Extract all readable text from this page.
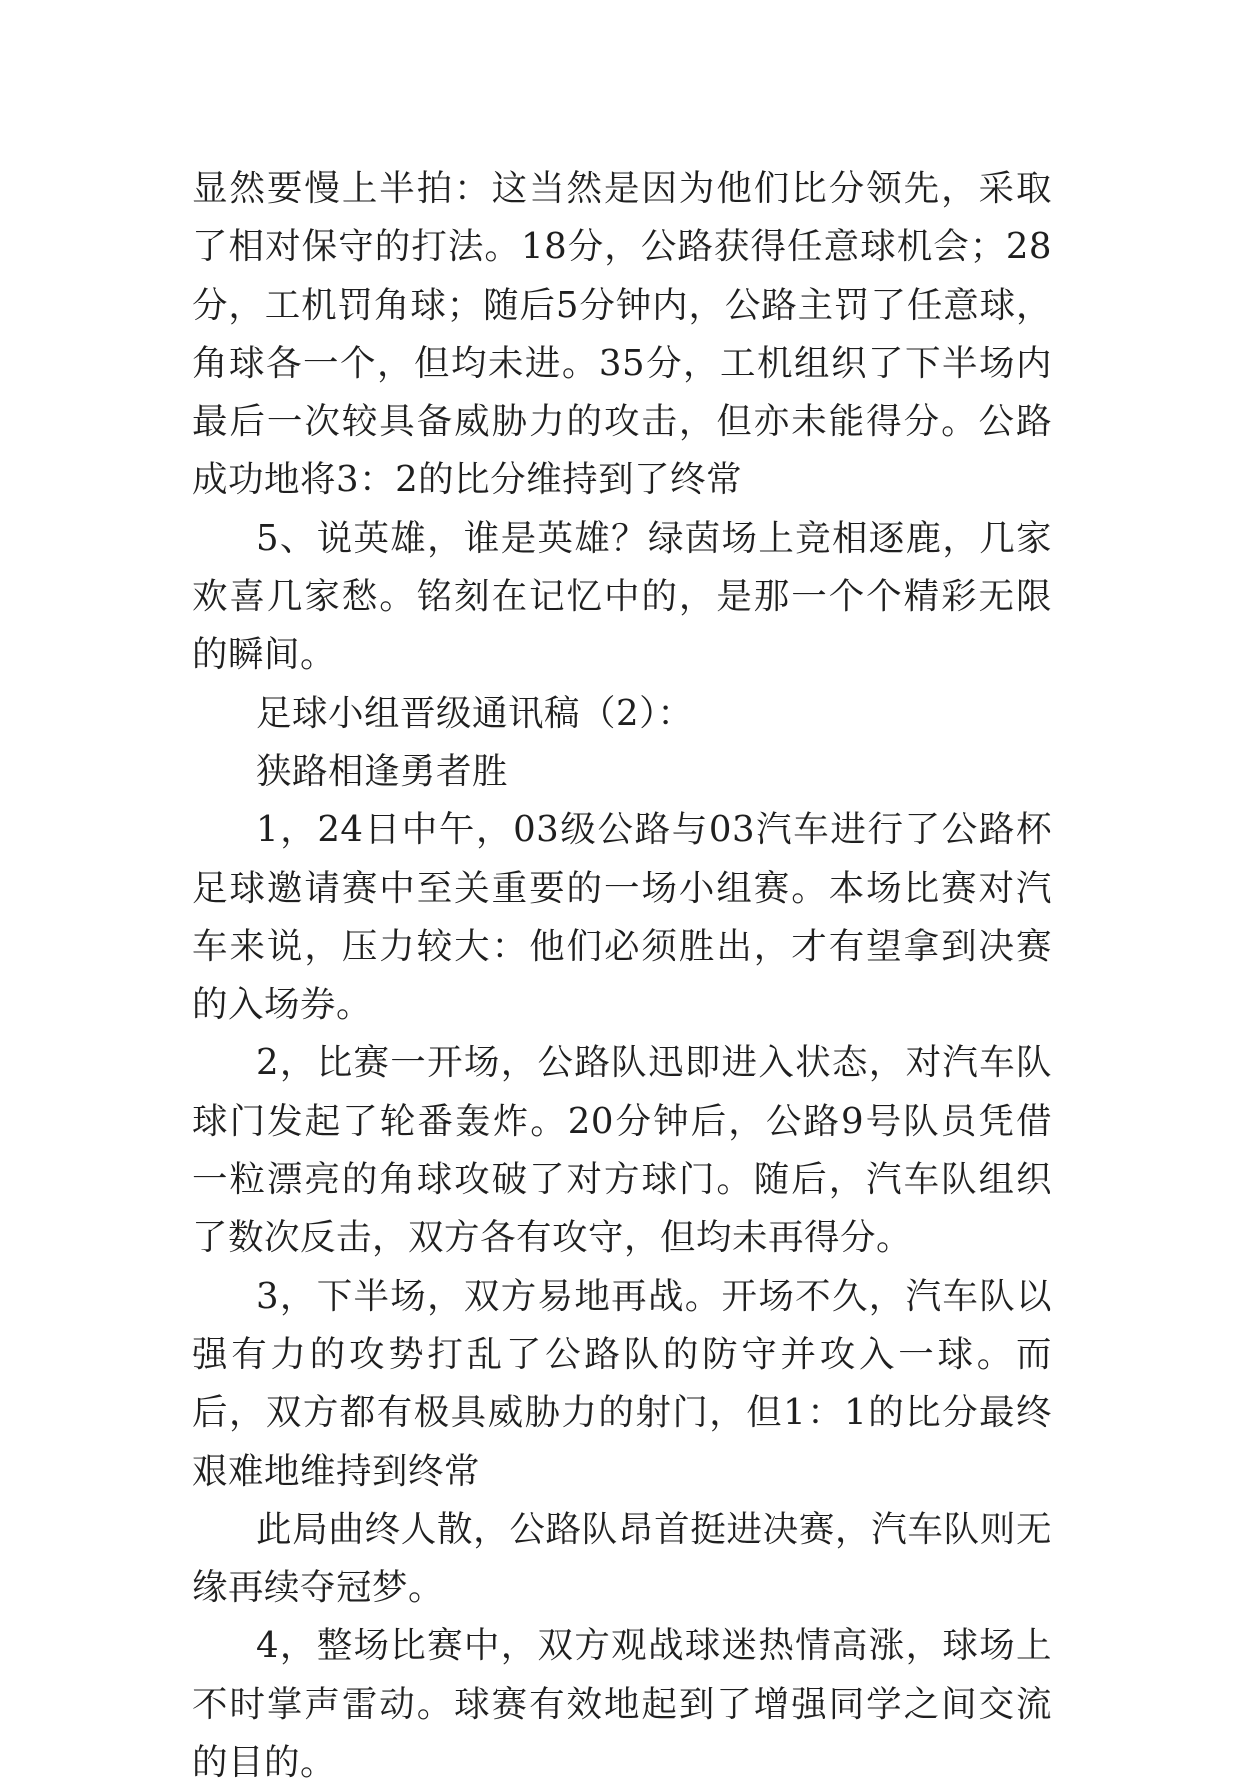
显然要慢上半拍：这当然是因为他们比分领先，采取了相对保守的打法。18分，公路获得任意球机会；28分，工机罚角球；随后5分钟内，公路主罚了任意球，角球各一个，但均未进。35分，工机组织了下半场内最后一次较具备威胁力的攻击，但亦未能得分。公路成功地将3：2的比分维持到了终常

5、说英雄，谁是英雄？绿茵场上竞相逐鹿，几家欢喜几家愁。铭刻在记忆中的，是那一个个精彩无限的瞬间。

足球小组晋级通讯稿（2）：

狭路相逢勇者胜

1，24日中午，03级公路与03汽车进行了公路杯足球邀请赛中至关重要的一场小组赛。本场比赛对汽车来说，压力较大：他们必须胜出，才有望拿到决赛的入场券。

2，比赛一开场，公路队迅即进入状态，对汽车队球门发起了轮番轰炸。20分钟后，公路9号队员凭借一粒漂亮的角球攻破了对方球门。随后，汽车队组织了数次反击，双方各有攻守，但均未再得分。

3，下半场，双方易地再战。开场不久，汽车队以强有力的攻势打乱了公路队的防守并攻入一球。而后，双方都有极具威胁力的射门，但1：1的比分最终艰难地维持到终常

此局曲终人散，公路队昂首挺进决赛，汽车队则无缘再续夺冠梦。

4，整场比赛中，双方观战球迷热情高涨，球场上不时掌声雷动。球赛有效地起到了增强同学之间交流的目的。
